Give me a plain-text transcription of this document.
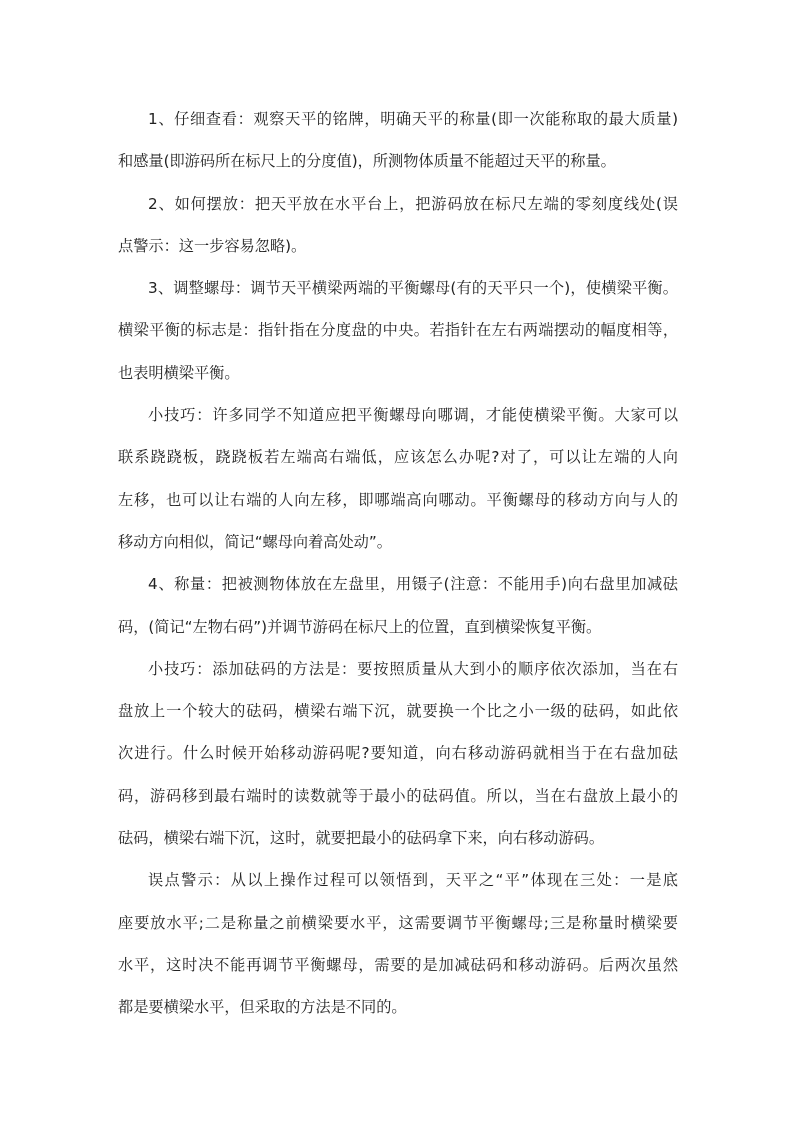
1、仔细查看：观察天平的铭牌，明确天平的称量(即一次能称取的最大质量)
和感量(即游码所在标尺上的分度值)，所测物体质量不能超过天平的称量。
2、如何摆放：把天平放在水平台上，把游码放在标尺左端的零刻度线处(误
点警示：这一步容易忽略)。
3、调整螺母：调节天平横梁两端的平衡螺母(有的天平只一个)，使横梁平衡。
横梁平衡的标志是：指针指在分度盘的中央。若指针在左右两端摆动的幅度相等，
也表明横梁平衡。
小技巧：许多同学不知道应把平衡螺母向哪调，才能使横梁平衡。大家可以
联系跷跷板，跷跷板若左端高右端低，应该怎么办呢?对了，可以让左端的人向
左移，也可以让右端的人向左移，即哪端高向哪动。平衡螺母的移动方向与人的
移动方向相似，简记“螺母向着高处动”。
4、称量：把被测物体放在左盘里，用镊子(注意：不能用手)向右盘里加减砝
码，(简记“左物右码”)并调节游码在标尺上的位置，直到横梁恢复平衡。
小技巧：添加砝码的方法是：要按照质量从大到小的顺序依次添加，当在右
盘放上一个较大的砝码，横梁右端下沉，就要换一个比之小一级的砝码，如此依
次进行。什么时候开始移动游码呢?要知道，向右移动游码就相当于在右盘加砝
码，游码移到最右端时的读数就等于最小的砝码值。所以，当在右盘放上最小的
砝码，横梁右端下沉，这时，就要把最小的砝码拿下来，向右移动游码。
误点警示：从以上操作过程可以领悟到，天平之“平”体现在三处：一是底
座要放水平;二是称量之前横梁要水平，这需要调节平衡螺母;三是称量时横梁要
水平，这时决不能再调节平衡螺母，需要的是加减砝码和移动游码。后两次虽然
都是要横梁水平，但采取的方法是不同的。
